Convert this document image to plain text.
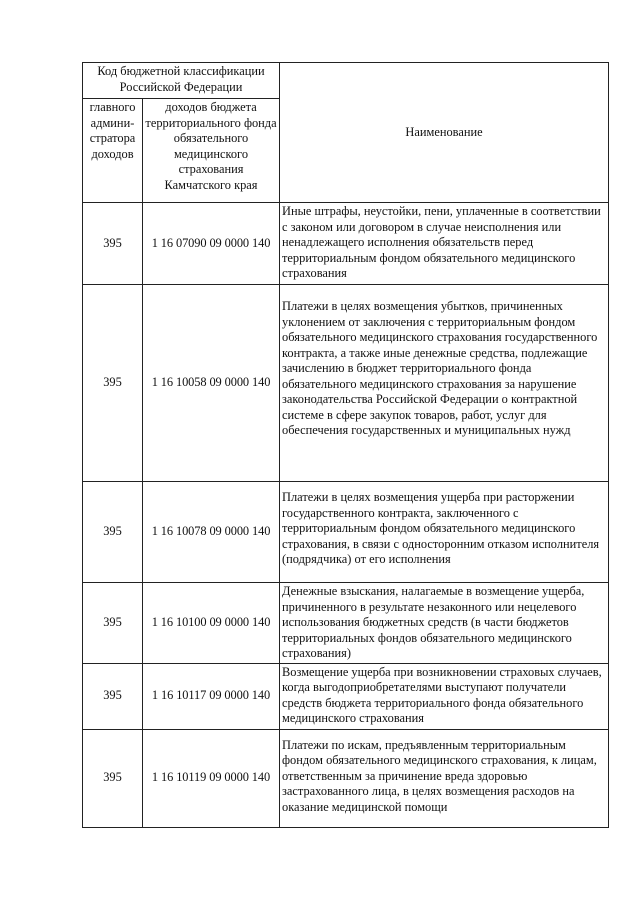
Код бюджетной классификации Российской Федерации		Наименование
главного админи-стратора доходов	доходов бюджета территориального фонда обязательного медицинского страхования Камчатского края	
395	1 16 07090 09 0000 140	Иные штрафы, неустойки, пени, уплаченные в соответствии с законом или договором в случае неисполнения или ненадлежащего исполнения обязательств перед территориальным фондом обязательного медицинского страхования
395	1 16 10058 09 0000 140	Платежи в целях возмещения убытков, причиненных уклонением от заключения с территориальным фондом обязательного медицинского страхования государственного контракта, а также иные денежные средства, подлежащие зачислению в бюджет территориального фонда обязательного медицинского страхования за нарушение законодательства Российской Федерации о контрактной системе в сфере закупок товаров, работ, услуг для обеспечения государственных и муниципальных нужд
395	1 16 10078 09 0000 140	Платежи в целях возмещения ущерба при расторжении государственного контракта, заключенного с территориальным фондом обязательного медицинского страхования, в связи с односторонним отказом исполнителя (подрядчика) от его исполнения
395	1 16 10100 09 0000 140	Денежные взыскания, налагаемые в возмещение ущерба, причиненного в результате незаконного или нецелевого использования бюджетных средств (в части бюджетов территориальных фондов обязательного медицинского страхования)
395	1 16 10117 09 0000 140	Возмещение ущерба при возникновении страховых случаев, когда выгодоприобретателями выступают получатели средств бюджета территориального фонда обязательного медицинского страхования
395	1 16 10119 09 0000 140	Платежи по искам, предъявленным территориальным фондом обязательного медицинского страхования, к лицам, ответственным за причинение вреда здоровью застрахованного лица, в целях возмещения расходов на оказание медицинской помощи
